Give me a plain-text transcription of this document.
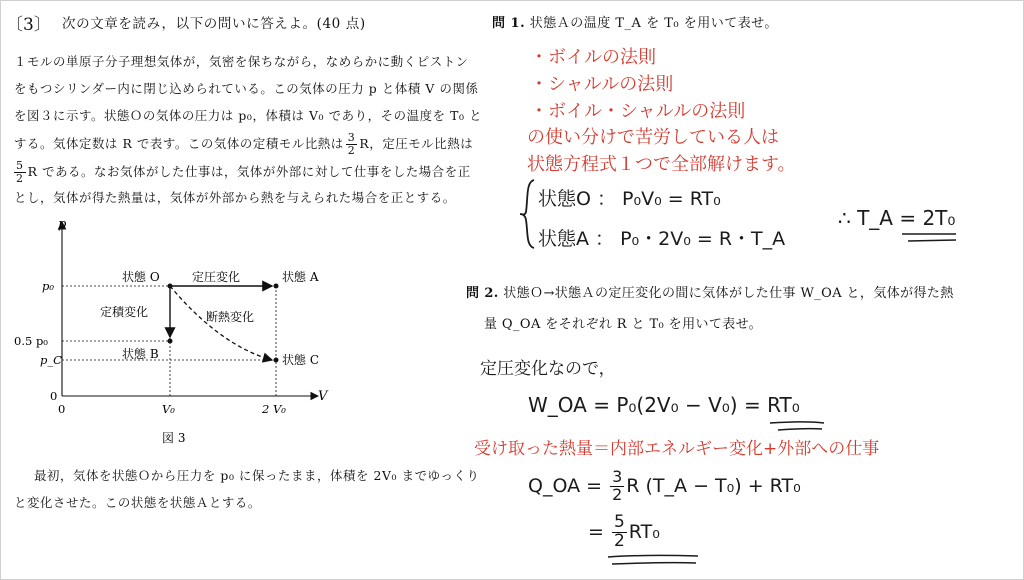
〔3〕 次の文章を読み，以下の問いに答えよ。(40 点)
１モルの単原子分子理想気体が，気密を保ちながら，なめらかに動くピストン
をもつシリンダー内に閉じ込められている。この気体の圧力 p と体積 V の関係
を図３に示す。状態Ｏの気体の圧力は p₀，体積は V₀ であり，その温度を T₀ と
する。気体定数は R で表す。この気体の定積モル比熱は $\frac{3}{2}$ R，定圧モル比熱は
$\frac{5}{2}$ R である。なお気体がした仕事は，気体が外部に対して仕事をした場合を正
とし，気体が得た熱量は，気体が外部から熱を与えられた場合を正とする。
p
V
p₀
0.5 p₀
p_C
0
0	V₀	2 V₀
状態 O	定圧変化	状態 A
定積変化	断熱変化
状態 B	状態 C
図 3
最初，気体を状態Ｏから圧力を p₀ に保ったまま，体積を 2V₀ までゆっくり
と変化させた。この状態を状態Ａとする。
問 1. 状態Ａの温度 T_A を T₀ を用いて表せ。
・ボイルの法則
・シャルルの法則
・ボイル・シャルルの法則
の使い分けで苦労している人は
状態方程式１つで全部解けます。
状態O ： P₀V₀ = RT₀
状態A ： P₀・2V₀ = R・T_A
∴ T_A = 2T₀
問 2. 状態Ｏ→状態Ａの定圧変化の間に気体がした仕事 W_OA と，気体が得た熱
量 Q_OA をそれぞれ R と T₀ を用いて表せ。
定圧変化なので，
W_OA = P₀(2V₀ − V₀) = RT₀
受け取った熱量＝内部エネルギー変化+外部への仕事
Q_OA = $\frac{3}{2}$ R (T_A − T₀) + RT₀
= $\frac{5}{2} RT_0$
